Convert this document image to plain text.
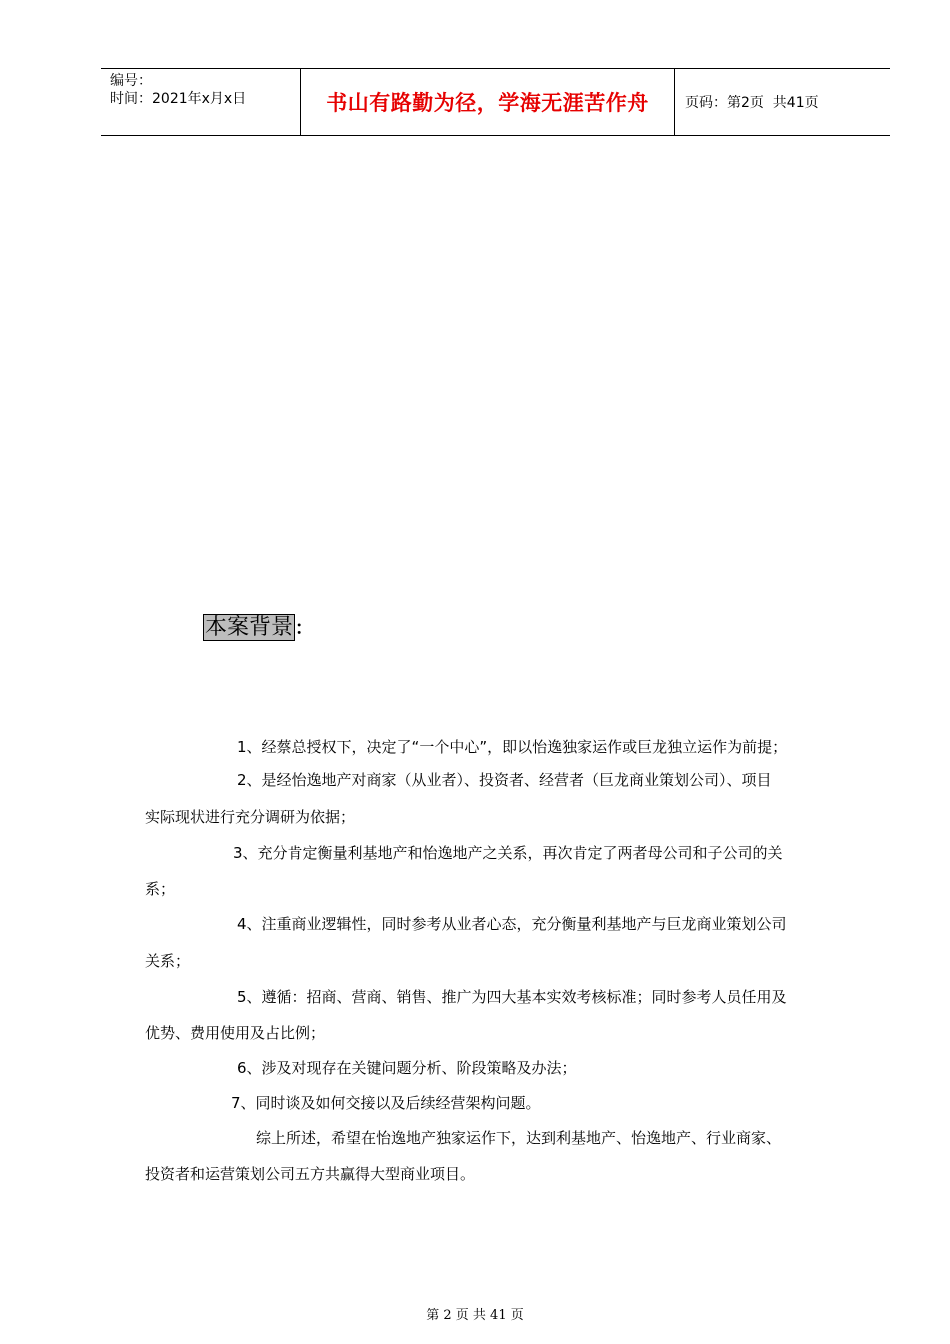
编号：
时间：2021年x月x日	书山有路勤为径，学海无涯苦作舟	页码：第2页  共41页
本案背景 ：
1、经蔡总授权下，决定了“一个中心”，即以怡逸独家运作或巨龙独立运作为前提；
2、是经怡逸地产对商家（从业者）、投资者、经营者（巨龙商业策划公司）、项目
实际现状进行充分调研为依据；
3、充分肯定衡量利基地产和怡逸地产之关系，再次肯定了两者母公司和子公司的关
系；
4、注重商业逻辑性，同时参考从业者心态，充分衡量利基地产与巨龙商业策划公司
关系；
5、遵循：招商、营商、销售、推广为四大基本实效考核标准；同时参考人员任用及
优势、费用使用及占比例；
6、涉及对现存在关键问题分析、阶段策略及办法；
7、同时谈及如何交接以及后续经营架构问题。
综上所述，希望在怡逸地产独家运作下，达到利基地产、怡逸地产、行业商家、
投资者和运营策划公司五方共赢得大型商业项目。
第 2 页 共 41 页
